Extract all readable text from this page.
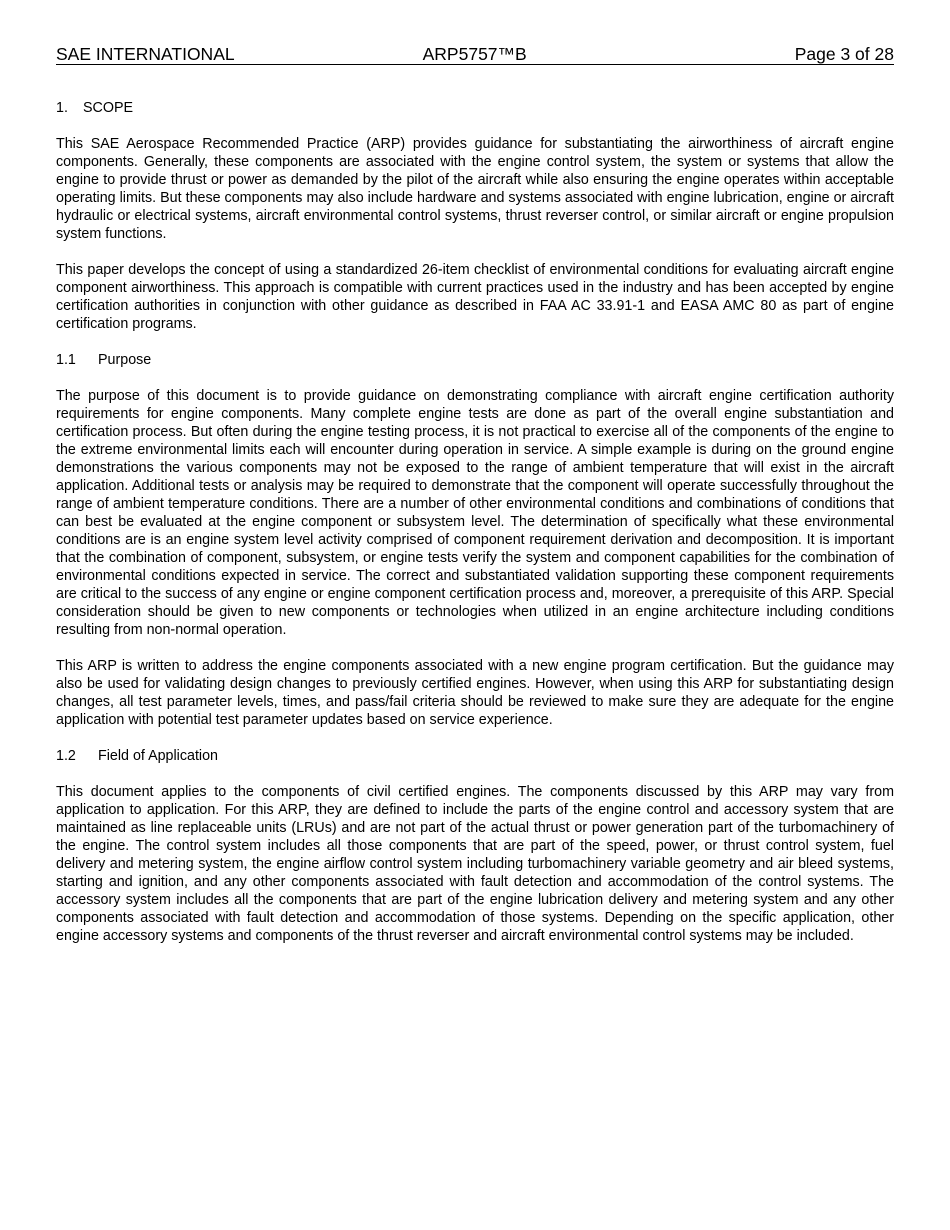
SAE INTERNATIONAL	ARP5757™B	Page 3 of 28
1. SCOPE

This SAE Aerospace Recommended Practice (ARP) provides guidance for substantiating the airworthiness of aircraft engine components. Generally, these components are associated with the engine control system, the system or systems that allow the engine to provide thrust or power as demanded by the pilot of the aircraft while also ensuring the engine operates within acceptable operating limits. But these components may also include hardware and systems associated with engine lubrication, engine or aircraft hydraulic or electrical systems, aircraft environmental control systems, thrust reverser control, or similar aircraft or engine propulsion system functions.

This paper develops the concept of using a standardized 26-item checklist of environmental conditions for evaluating aircraft engine component airworthiness. This approach is compatible with current practices used in the industry and has been accepted by engine certification authorities in conjunction with other guidance as described in FAA AC 33.91-1 and EASA AMC 80 as part of engine certification programs.

1.1 Purpose

The purpose of this document is to provide guidance on demonstrating compliance with aircraft engine certification authority requirements for engine components. Many complete engine tests are done as part of the overall engine substantiation and certification process. But often during the engine testing process, it is not practical to exercise all of the components of the engine to the extreme environmental limits each will encounter during operation in service. A simple example is during on the ground engine demonstrations the various components may not be exposed to the range of ambient temperature that will exist in the aircraft application. Additional tests or analysis may be required to demonstrate that the component will operate successfully throughout the range of ambient temperature conditions. There are a number of other environmental conditions and combinations of conditions that can best be evaluated at the engine component or subsystem level. The determination of specifically what these environmental conditions are is an engine system level activity comprised of component requirement derivation and decomposition. It is important that the combination of component, subsystem, or engine tests verify the system and component capabilities for the combination of environmental conditions expected in service. The correct and substantiated validation supporting these component requirements are critical to the success of any engine or engine component certification process and, moreover, a prerequisite of this ARP. Special consideration should be given to new components or technologies when utilized in an engine architecture including conditions resulting from non-normal operation.

This ARP is written to address the engine components associated with a new engine program certification. But the guidance may also be used for validating design changes to previously certified engines. However, when using this ARP for substantiating design changes, all test parameter levels, times, and pass/fail criteria should be reviewed to make sure they are adequate for the engine application with potential test parameter updates based on service experience.

1.2 Field of Application

This document applies to the components of civil certified engines. The components discussed by this ARP may vary from application to application. For this ARP, they are defined to include the parts of the engine control and accessory system that are maintained as line replaceable units (LRUs) and are not part of the actual thrust or power generation part of the turbomachinery of the engine. The control system includes all those components that are part of the speed, power, or thrust control system, fuel delivery and metering system, the engine airflow control system including turbomachinery variable geometry and air bleed systems, starting and ignition, and any other components associated with fault detection and accommodation of the control systems. The accessory system includes all the components that are part of the engine lubrication delivery and metering system and any other components associated with fault detection and accommodation of those systems. Depending on the specific application, other engine accessory systems and components of the thrust reverser and aircraft environmental control systems may be included.
